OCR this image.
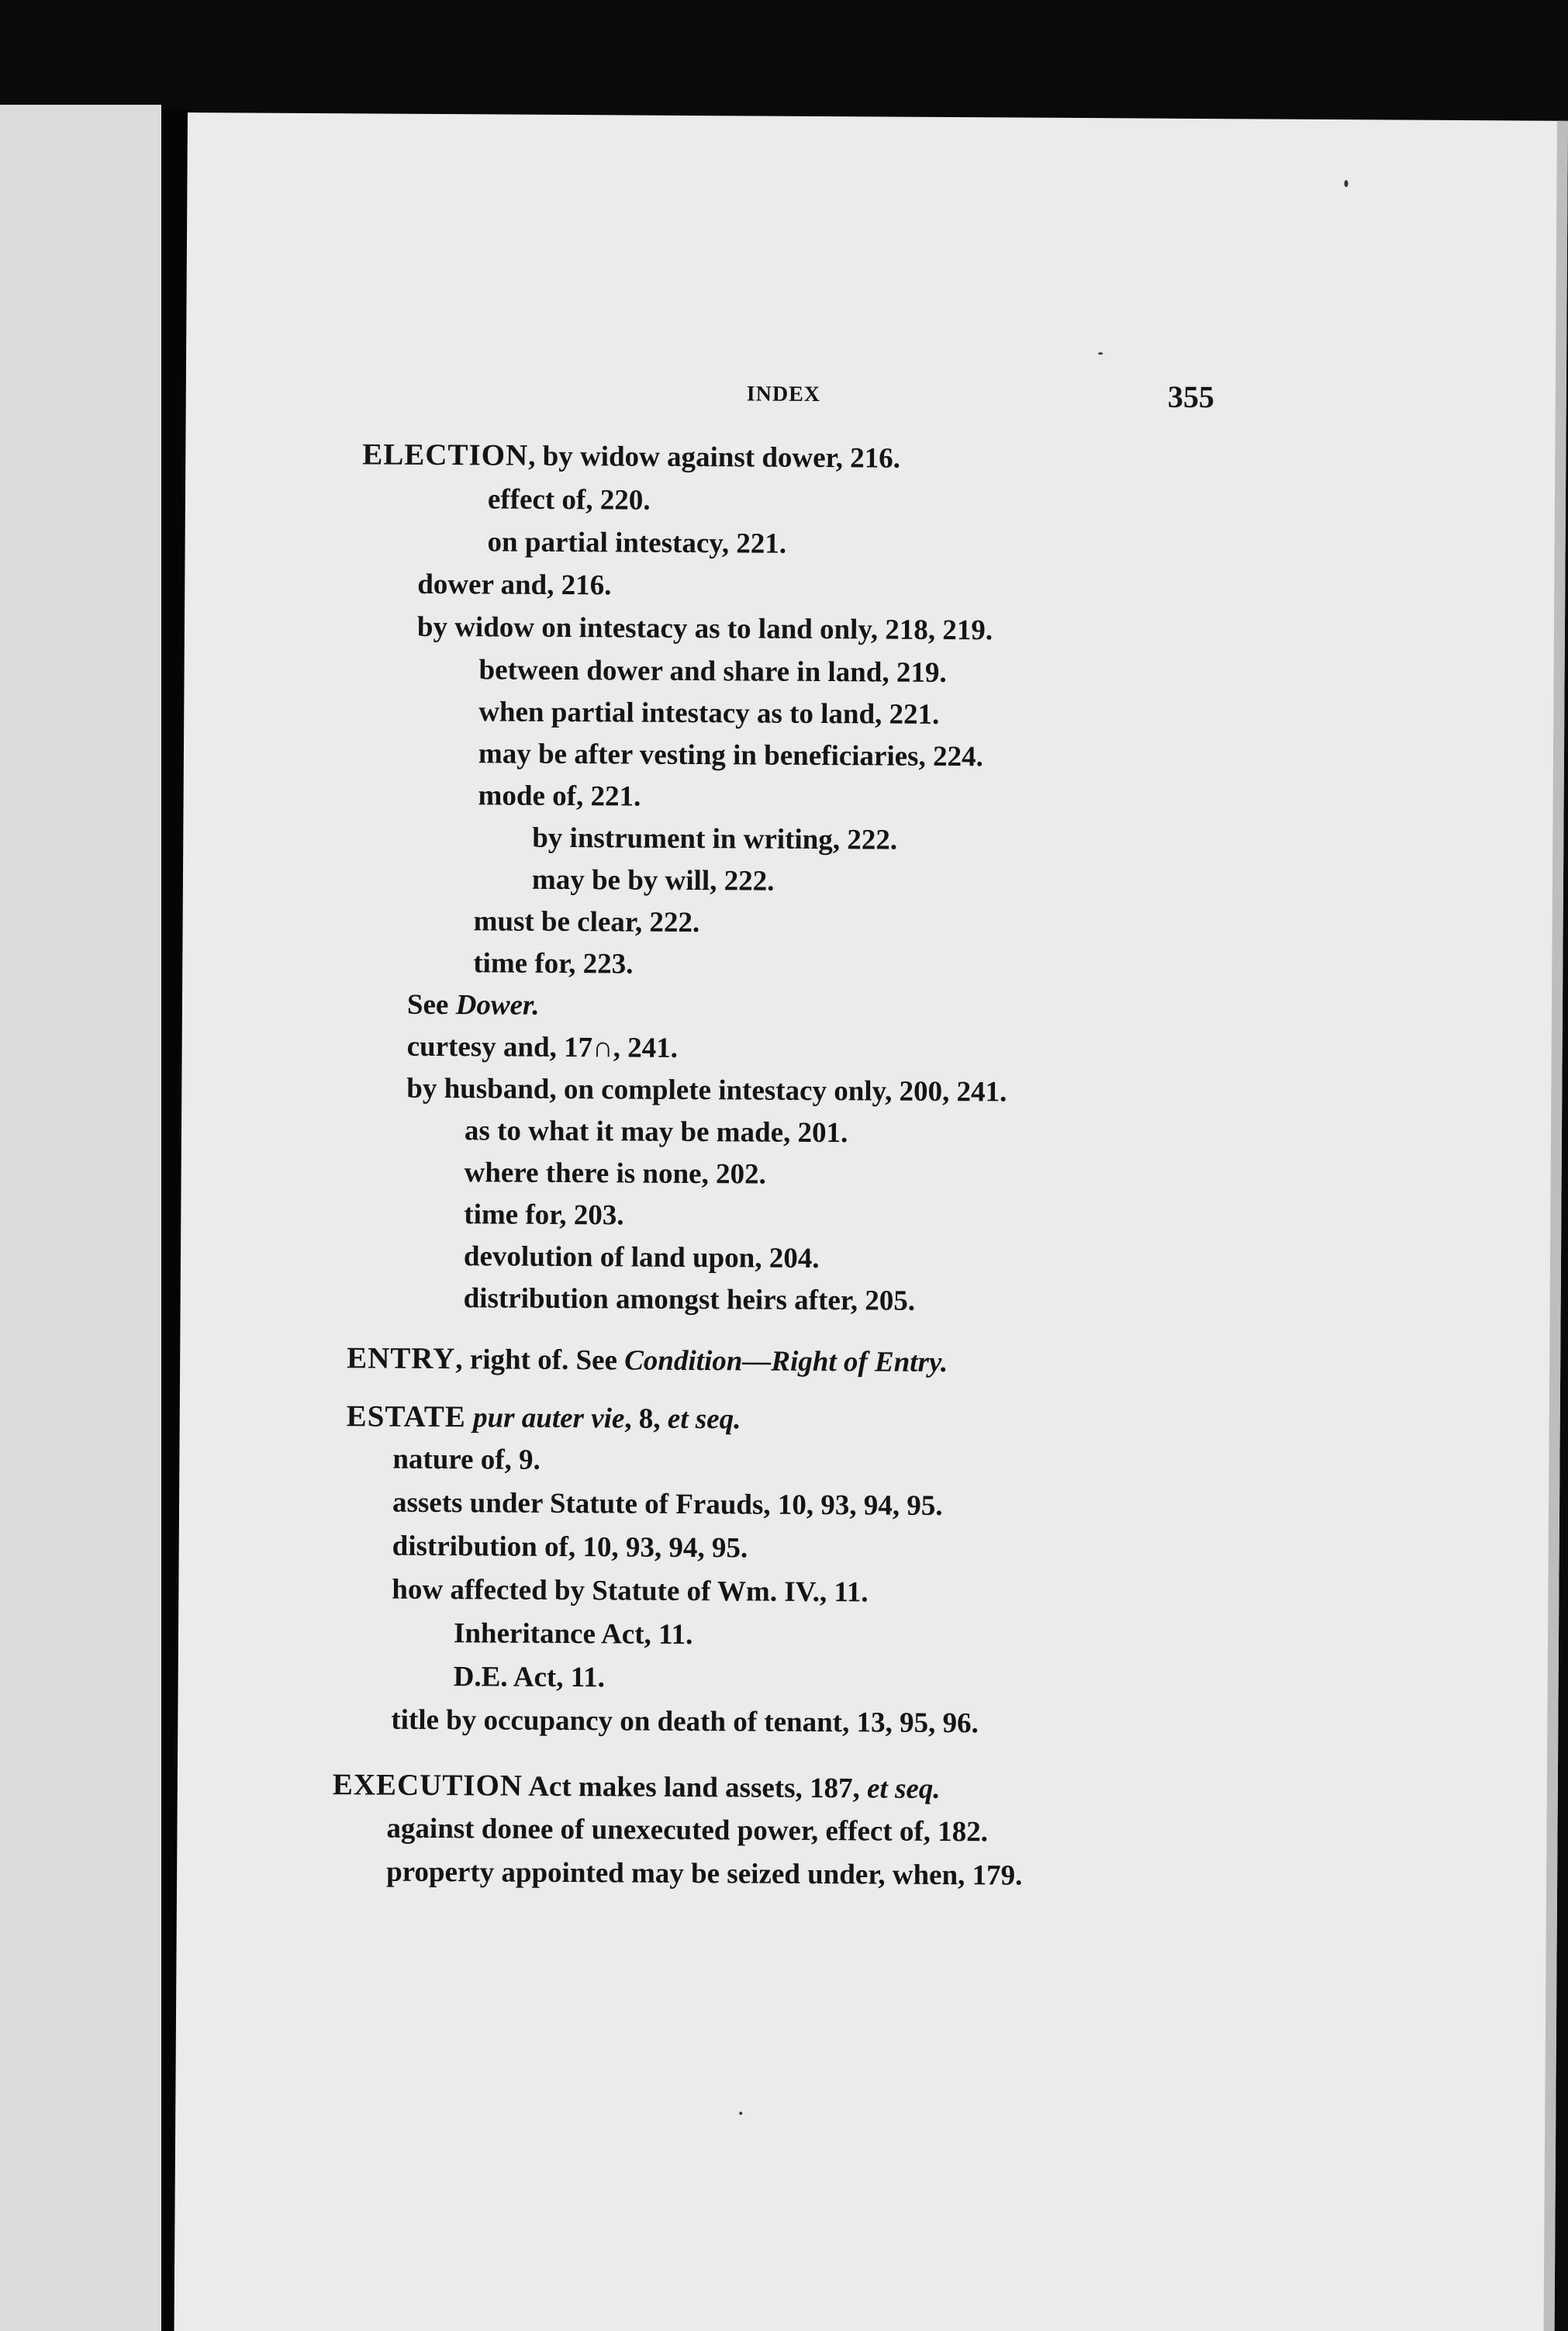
INDEX	355
ELECTION, by widow against dower, 216.
effect of, 220.
on partial intestacy, 221.
dower and, 216.
by widow on intestacy as to land only, 218, 219.
between dower and share in land, 219.
when partial intestacy as to land, 221.
may be after vesting in beneficiaries, 224.
mode of, 221.
by instrument in writing, 222.
may be by will, 222.
must be clear, 222.
time for, 223.
See Dower.
curtesy and, 17∩, 241.
by husband, on complete intestacy only, 200, 241.
as to what it may be made, 201.
where there is none, 202.
time for, 203.
devolution of land upon, 204.
distribution amongst heirs after, 205.
ENTRY, right of. See Condition—Right of Entry.
ESTATE pur auter vie, 8, et seq.
nature of, 9.
assets under Statute of Frauds, 10, 93, 94, 95.
distribution of, 10, 93, 94, 95.
how affected by Statute of Wm. IV., 11.
Inheritance Act, 11.
D.E. Act, 11.
title by occupancy on death of tenant, 13, 95, 96.
EXECUTION Act makes land assets, 187, et seq.
against donee of unexecuted power, effect of, 182.
property appointed may be seized under, when, 179.
